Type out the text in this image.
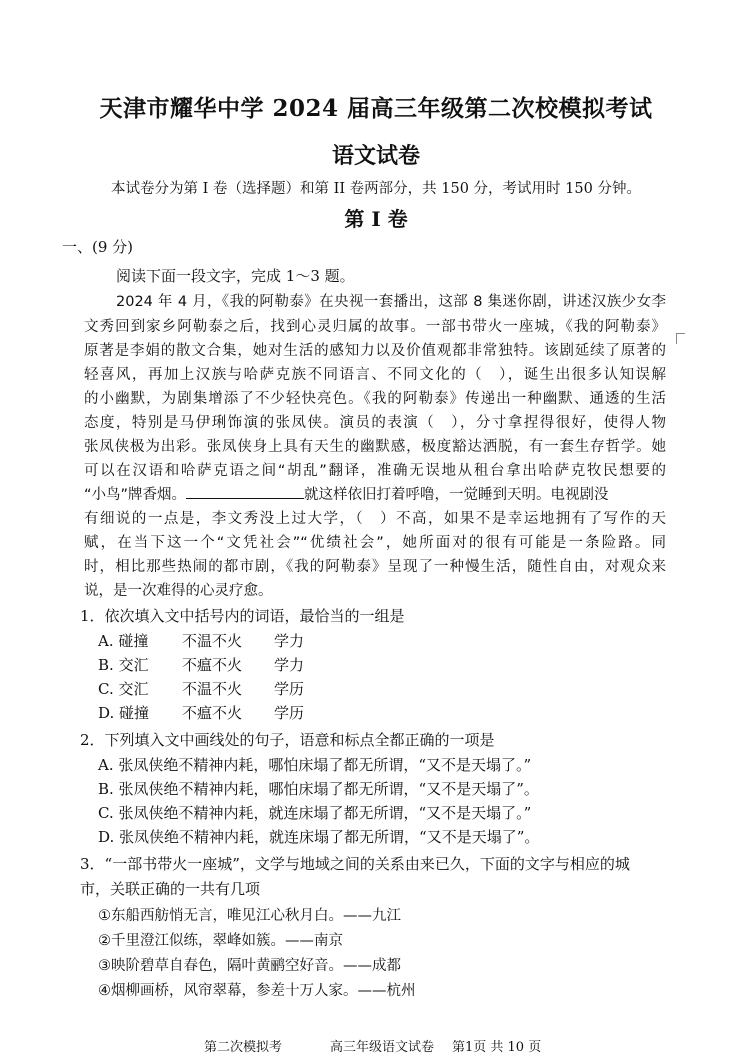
天津市耀华中学 2024 届高三年级第二次校模拟考试
语文试卷
本试卷分为第 I 卷（选择题）和第 II 卷两部分，共 150 分，考试用时 150 分钟。
第 I 卷
一、(9 分)
阅读下面一段文字，完成 1～3 题。
2024 年 4 月，《我的阿勒泰》在央视一套播出，这部 8 集迷你剧，讲述汉族少女李
文秀回到家乡阿勒泰之后，找到心灵归属的故事。一部书带火一座城，《我的阿勒泰》
原著是李娟的散文合集，她对生活的感知力以及价值观都非常独特。该剧延续了原著的
轻喜风，再加上汉族与哈萨克族不同语言、不同文化的（　），诞生出很多认知误解
的小幽默，为剧集增添了不少轻快亮色。《我的阿勒泰》传递出一种幽默、通透的生活
态度，特别是马伊琍饰演的张凤侠。演员的表演（　），分寸拿捏得很好，使得人物
张凤侠极为出彩。张凤侠身上具有天生的幽默感，极度豁达洒脱，有一套生存哲学。她
可以在汉语和哈萨克语之间“胡乱”翻译，准确无误地从租台拿出哈萨克牧民想要的
“小鸟”牌香烟。	就这样依旧打着呼噜，一觉睡到天明。电视剧没
有细说的一点是，李文秀没上过大学，（　）不高，如果不是幸运地拥有了写作的天
赋，在当下这一个“文凭社会”“优绩社会”，她所面对的很有可能是一条险路。同
时，相比那些热闹的都市剧，《我的阿勒泰》呈现了一种慢生活，随性自由，对观众来
说，是一次难得的心灵疗愈。
1．依次填入文中括号内的词语，最恰当的一组是
A. 碰撞 不温不火 学力
B. 交汇 不瘟不火 学力
C. 交汇 不温不火 学历
D. 碰撞 不瘟不火 学历
2．下列填入文中画线处的句子，语意和标点全都正确的一项是
A. 张凤侠绝不精神内耗，哪怕床塌了都无所谓，“又不是天塌了。”
B. 张凤侠绝不精神内耗，哪怕床塌了都无所谓，“又不是天塌了”。
C. 张凤侠绝不精神内耗，就连床塌了都无所谓，“又不是天塌了。”
D. 张凤侠绝不精神内耗，就连床塌了都无所谓，“又不是天塌了”。
3．“一部书带火一座城”，文学与地域之间的关系由来已久，下面的文字与相应的城
市，关联正确的一共有几项
①东船西舫悄无言，唯见江心秋月白。——九江
②千里澄江似练，翠峰如簇。——南京
③映阶碧草自春色，隔叶黄鹂空好音。——成都
④烟柳画桥，风帘翠幕，参差十万人家。——杭州
第二次模拟考	高三年级语文试卷 第1页 共 10 页
